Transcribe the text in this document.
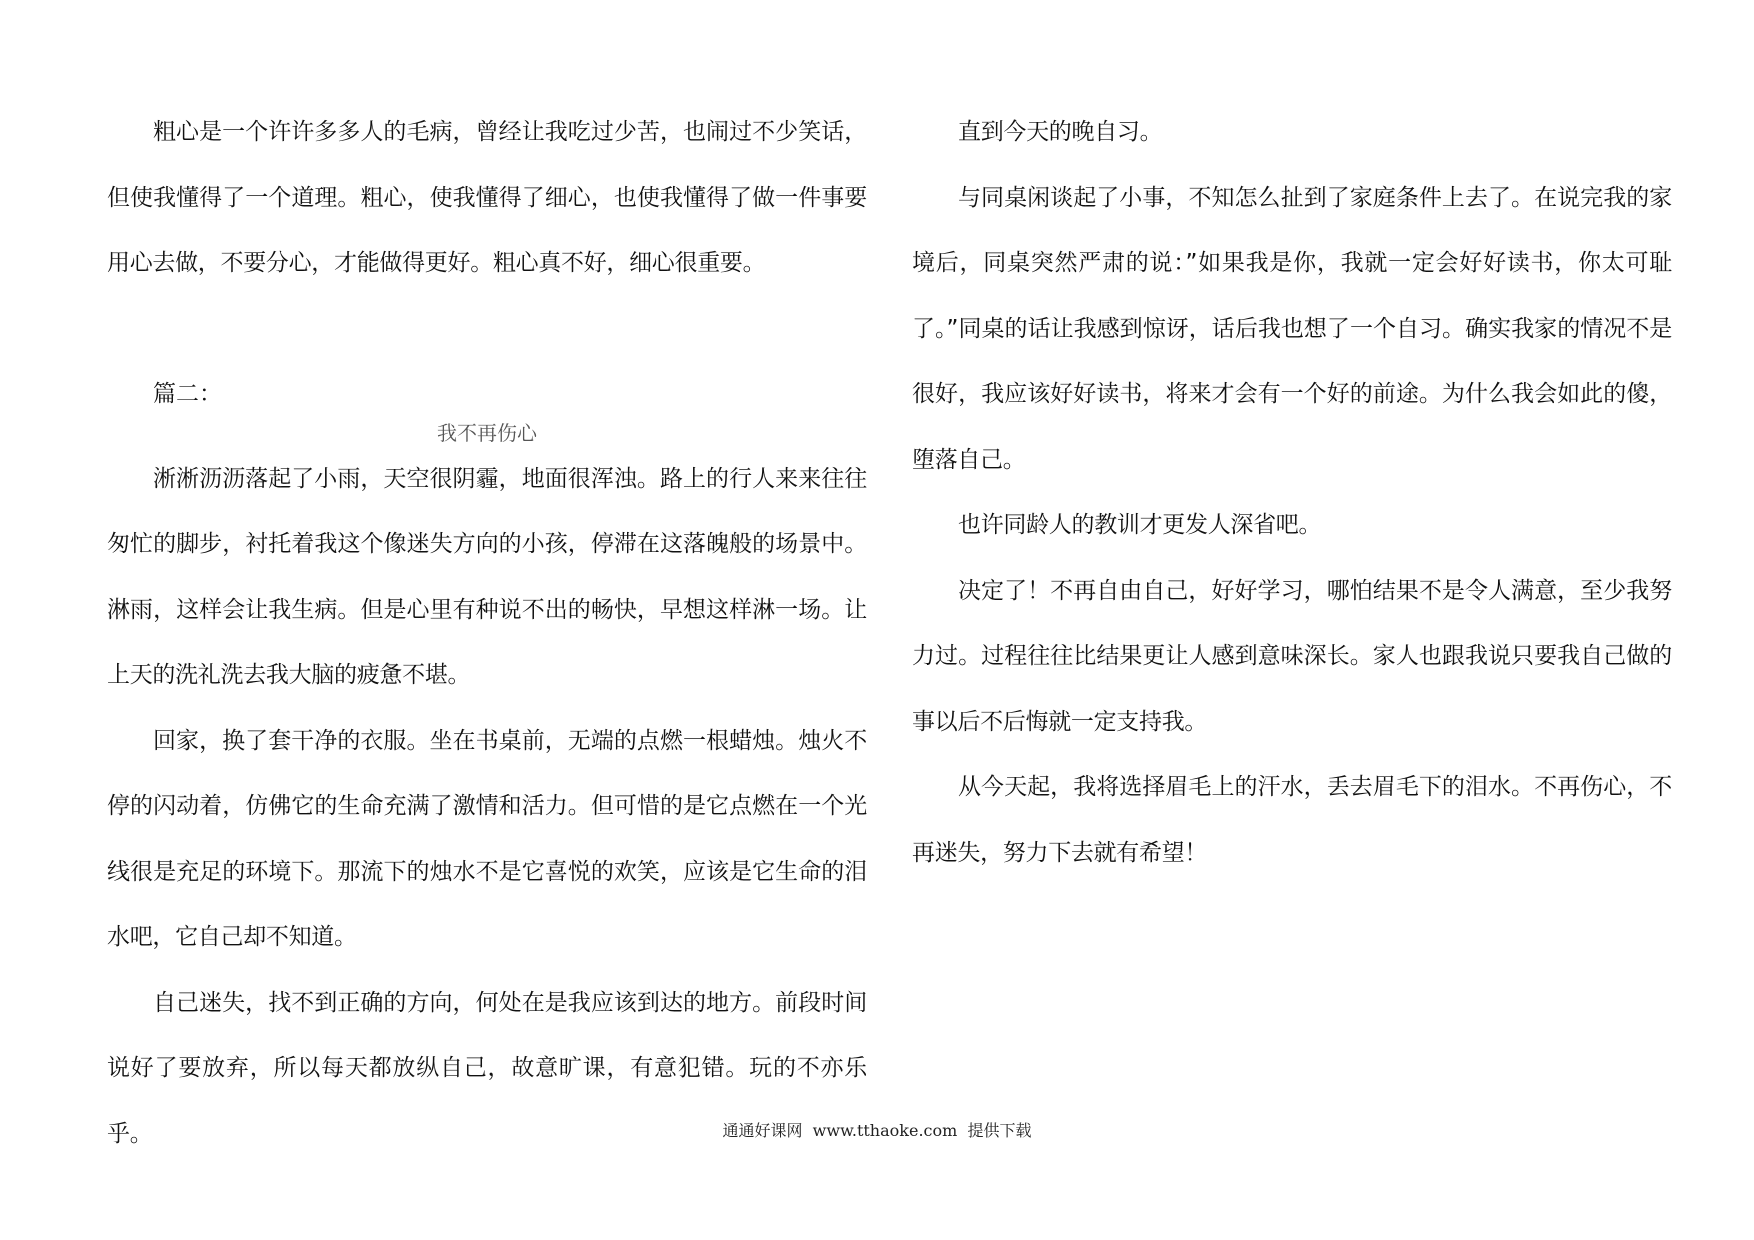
粗心是一个许许多多人的毛病，曾经让我吃过少苦，也闹过不少笑话，但使我懂得了一个道理。粗心，使我懂得了细心，也使我懂得了做一件事要用心去做，不要分心，才能做得更好。粗心真不好，细心很重要。

篇二：

我不再伤心

淅淅沥沥落起了小雨，天空很阴霾，地面很浑浊。路上的行人来来往往匆忙的脚步，衬托着我这个像迷失方向的小孩，停滞在这落魄般的场景中。淋雨，这样会让我生病。但是心里有种说不出的畅快，早想这样淋一场。让上天的洗礼洗去我大脑的疲惫不堪。

回家，换了套干净的衣服。坐在书桌前，无端的点燃一根蜡烛。烛火不停的闪动着，仿佛它的生命充满了激情和活力。但可惜的是它点燃在一个光线很是充足的环境下。那流下的烛水不是它喜悦的欢笑，应该是它生命的泪水吧，它自己却不知道。

自己迷失，找不到正确的方向，何处在是我应该到达的地方。前段时间说好了要放弃，所以每天都放纵自己，故意旷课，有意犯错。玩的不亦乐乎。

直到今天的晚自习。

与同桌闲谈起了小事，不知怎么扯到了家庭条件上去了。在说完我的家境后，同桌突然严肃的说：”如果我是你，我就一定会好好读书，你太可耻了。”同桌的话让我感到惊讶，话后我也想了一个自习。确实我家的情况不是很好，我应该好好读书，将来才会有一个好的前途。为什么我会如此的傻，堕落自己。

也许同龄人的教训才更发人深省吧。

决定了！不再自由自己，好好学习，哪怕结果不是令人满意，至少我努力过。过程往往比结果更让人感到意味深长。家人也跟我说只要我自己做的事以后不后悔就一定支持我。

从今天起，我将选择眉毛上的汗水，丢去眉毛下的泪水。不再伤心，不再迷失，努力下去就有希望！

通通好课网  www.tthaoke.com  提供下载
